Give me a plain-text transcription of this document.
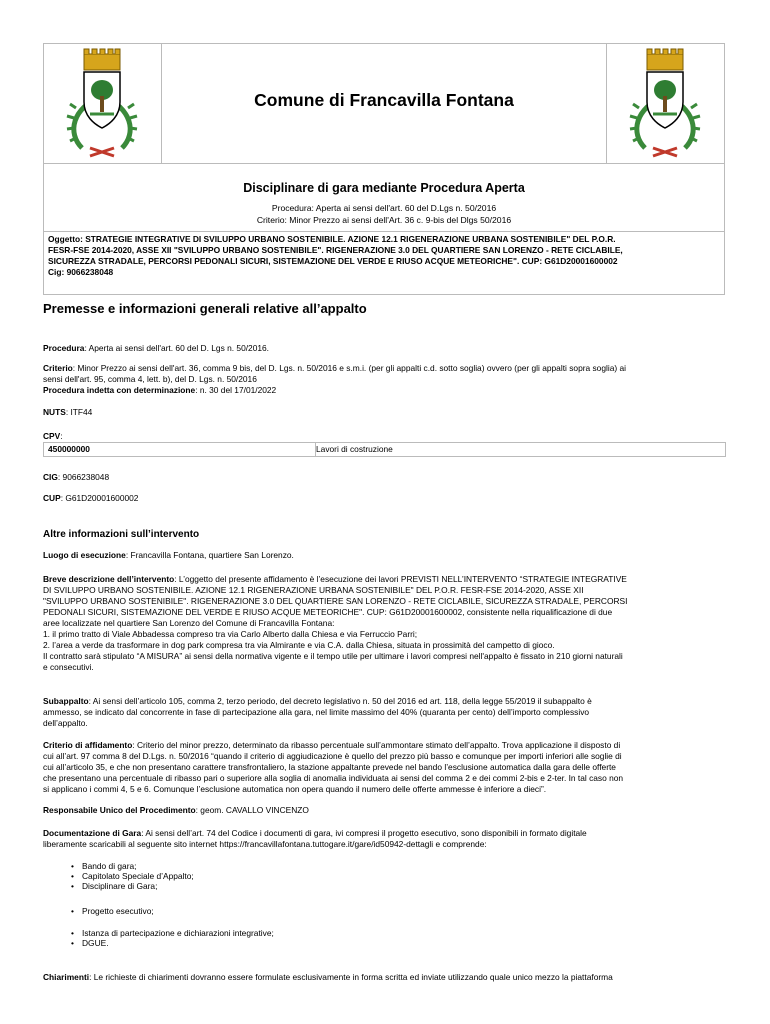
Comune di Francavilla Fontana
Disciplinare di gara mediante Procedura Aperta
Procedura: Aperta ai sensi dell'art. 60 del D.Lgs n. 50/2016
Criterio: Minor Prezzo ai sensi dell'Art. 36 c. 9-bis del Dlgs 50/2016
Oggetto: STRATEGIE INTEGRATIVE DI SVILUPPO URBANO SOSTENIBILE. AZIONE 12.1 RIGENERAZIONE URBANA SOSTENIBILE" DEL P.O.R.
FESR-FSE 2014-2020, ASSE XII "SVILUPPO URBANO SOSTENIBILE". RIGENERAZIONE 3.0 DEL QUARTIERE SAN LORENZO - RETE CICLABILE,
SICUREZZA STRADALE, PERCORSI PEDONALI SICURI, SISTEMAZIONE DEL VERDE E RIUSO ACQUE METEORICHE". CUP: G61D20001600002
Cig: 9066238048
Premesse e informazioni generali relative all’appalto

Procedura: Aperta ai sensi dell'art. 60 del D. Lgs n. 50/2016.

Criterio: Minor Prezzo ai sensi dell'art. 36, comma 9 bis, del D. Lgs. n. 50/2016 e s.m.i. (per gli appalti c.d. sotto soglia) ovvero (per gli appalti sopra soglia) ai
sensi dell'art. 95, comma 4, lett. b), del D. Lgs. n. 50/2016
Procedura indetta con determinazione: n. 30 del 17/01/2022

NUTS: ITF44

CPV:

450000000	Lavori di costruzione

CIG: 9066238048

CUP: G61D20001600002

Altre informazioni sull’intervento

Luogo di esecuzione: Francavilla Fontana, quartiere San Lorenzo.

Breve descrizione dell’intervento: L’oggetto del presente affidamento è l’esecuzione dei lavori PREVISTI NELL’INTERVENTO “STRATEGIE INTEGRATIVE
DI SVILUPPO URBANO SOSTENIBILE. AZIONE 12.1 RIGENERAZIONE URBANA SOSTENIBILE" DEL P.O.R. FESR-FSE 2014-2020, ASSE XII
"SVILUPPO URBANO SOSTENIBILE". RIGENERAZIONE 3.0 DEL QUARTIERE SAN LORENZO - RETE CICLABILE, SICUREZZA STRADALE, PERCORSI
PEDONALI SICURI, SISTEMAZIONE DEL VERDE E RIUSO ACQUE METEORICHE". CUP: G61D20001600002, consistente nella riqualificazione di due
aree localizzate nel quartiere San Lorenzo del Comune di Francavilla Fontana:
1. il primo tratto di Viale Abbadessa compreso tra via Carlo Alberto dalla Chiesa e via Ferruccio Parri;
2. l’area a verde da trasformare in dog park compresa tra via Almirante e via C.A. dalla Chiesa, situata in prossimità del campetto di gioco.
Il contratto sarà stipulato “A MISURA” ai sensi della normativa vigente e il tempo utile per ultimare i lavori compresi nell'appalto è fissato in 210 giorni naturali
e consecutivi.

Subappalto: Ai sensi dell’articolo 105, comma 2, terzo periodo, del decreto legislativo n. 50 del 2016 ed art. 118, della legge 55/2019 il subappalto è
ammesso, se indicato dal concorrente in fase di partecipazione alla gara, nel limite massimo del 40% (quaranta per cento) dell’importo complessivo
dell’appalto.

Criterio di affidamento: Criterio del minor prezzo, determinato da ribasso percentuale sull’ammontare stimato dell’appalto. Trova applicazione il disposto di
cui all’art. 97 comma 8 del D.Lgs. n. 50/2016 “quando il criterio di aggiudicazione è quello del prezzo più basso e comunque per importi inferiori alle soglie di
cui all’articolo 35, e che non presentano carattere transfrontaliero, la stazione appaltante prevede nel bando l’esclusione automatica dalla gara delle offerte
che presentano una percentuale di ribasso pari o superiore alla soglia di anomalia individuata ai sensi del comma 2 e dei commi 2-bis e 2-ter. In tal caso non
si applicano i commi 4, 5 e 6. Comunque l’esclusione automatica non opera quando il numero delle offerte ammesse è inferiore a dieci”.

Responsabile Unico del Procedimento: geom. CAVALLO VINCENZO

Documentazione di Gara: Ai sensi dell’art. 74 del Codice i documenti di gara, ivi compresi il progetto esecutivo, sono disponibili in formato digitale
liberamente scaricabili al seguente sito internet https://francavillafontana.tuttogare.it/gare/id50942-dettagli e comprende:

• Bando di gara;
• Capitolato Speciale d’Appalto;
• Disciplinare di Gara;
• Progetto esecutivo;
• Istanza di partecipazione e dichiarazioni integrative;
• DGUE.

Chiarimenti: Le richieste di chiarimenti dovranno essere formulate esclusivamente in forma scritta ed inviate utilizzando quale unico mezzo la piattaforma
